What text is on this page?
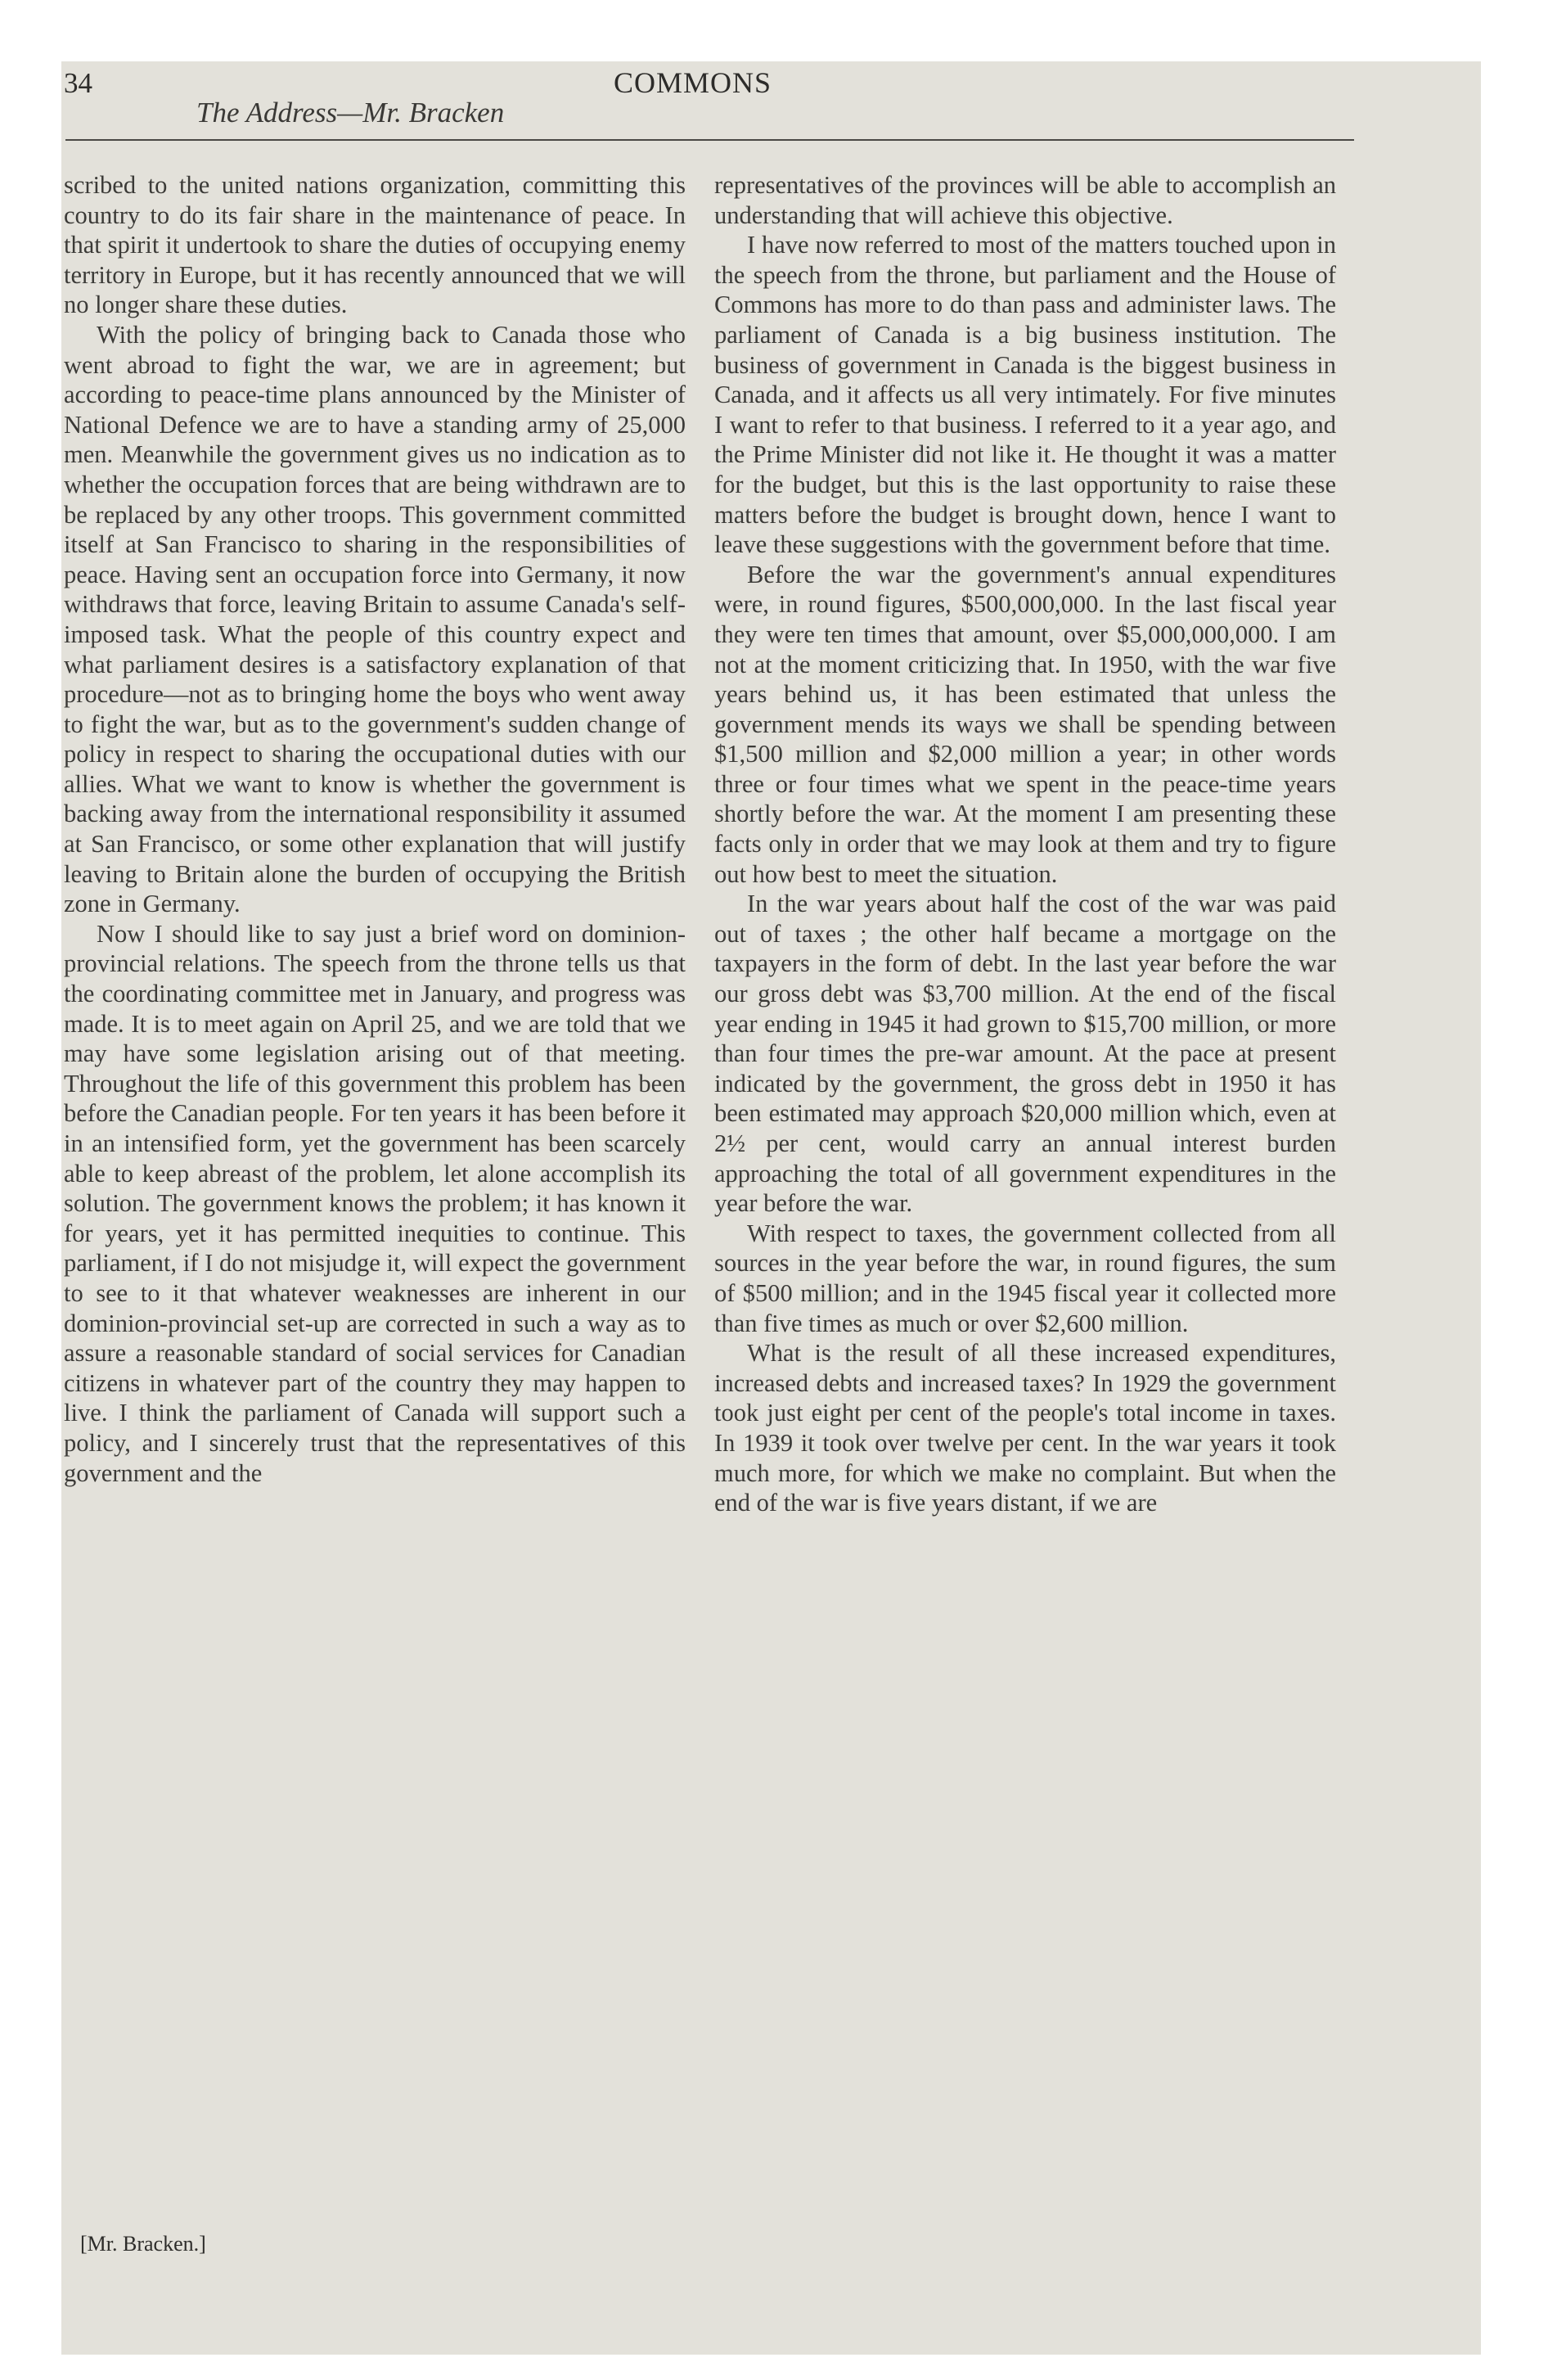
34
The Address—Mr. Bracken
COMMONS

scribed to the united nations organization, committing this country to do its fair share in the maintenance of peace. In that spirit it undertook to share the duties of occupying enemy territory in Europe, but it has recently announced that we will no longer share these duties.

With the policy of bringing back to Canada those who went abroad to fight the war, we are in agreement; but according to peace-time plans announced by the Minister of National Defence we are to have a standing army of 25,000 men. Meanwhile the government gives us no indication as to whether the occupation forces that are being withdrawn are to be replaced by any other troops. This government committed itself at San Francisco to sharing in the responsibilities of peace. Having sent an occupation force into Germany, it now withdraws that force, leaving Britain to assume Canada's self-imposed task. What the people of this country expect and what parliament desires is a satisfactory explanation of that procedure—not as to bringing home the boys who went away to fight the war, but as to the government's sudden change of policy in respect to sharing the occupational duties with our allies. What we want to know is whether the government is backing away from the international responsibility it assumed at San Francisco, or some other explanation that will justify leaving to Britain alone the burden of occupying the British zone in Germany.

Now I should like to say just a brief word on dominion-provincial relations. The speech from the throne tells us that the coordinating committee met in January, and progress was made. It is to meet again on April 25, and we are told that we may have some legislation arising out of that meeting. Throughout the life of this government this problem has been before the Canadian people. For ten years it has been before it in an intensified form, yet the government has been scarcely able to keep abreast of the problem, let alone accomplish its solution. The government knows the problem; it has known it for years, yet it has permitted inequities to continue. This parliament, if I do not misjudge it, will expect the government to see to it that whatever weaknesses are inherent in our dominion-provincial set-up are corrected in such a way as to assure a reasonable standard of social services for Canadian citizens in whatever part of the country they may happen to live. I think the parliament of Canada will support such a policy, and I sincerely trust that the representatives of this government and the

representatives of the provinces will be able to accomplish an understanding that will achieve this objective.

I have now referred to most of the matters touched upon in the speech from the throne, but parliament and the House of Commons has more to do than pass and administer laws. The parliament of Canada is a big business institution. The business of government in Canada is the biggest business in Canada, and it affects us all very intimately. For five minutes I want to refer to that business. I referred to it a year ago, and the Prime Minister did not like it. He thought it was a matter for the budget, but this is the last opportunity to raise these matters before the budget is brought down, hence I want to leave these suggestions with the government before that time.

Before the war the government's annual expenditures were, in round figures, $500,000,000. In the last fiscal year they were ten times that amount, over $5,000,000,000. I am not at the moment criticizing that. In 1950, with the war five years behind us, it has been estimated that unless the government mends its ways we shall be spending between $1,500 million and $2,000 million a year; in other words three or four times what we spent in the peace-time years shortly before the war. At the moment I am presenting these facts only in order that we may look at them and try to figure out how best to meet the situation.

In the war years about half the cost of the war was paid out of taxes ; the other half became a mortgage on the taxpayers in the form of debt. In the last year before the war our gross debt was $3,700 million. At the end of the fiscal year ending in 1945 it had grown to $15,700 million, or more than four times the pre-war amount. At the pace at present indicated by the government, the gross debt in 1950 it has been estimated may approach $20,000 million which, even at 2½ per cent, would carry an annual interest burden approaching the total of all government expenditures in the year before the war.

With respect to taxes, the government collected from all sources in the year before the war, in round figures, the sum of $500 million; and in the 1945 fiscal year it collected more than five times as much or over $2,600 million.

What is the result of all these increased expenditures, increased debts and increased taxes? In 1929 the government took just eight per cent of the people's total income in taxes. In 1939 it took over twelve per cent. In the war years it took much more, for which we make no complaint. But when the end of the war is five years distant, if we are

[Mr. Bracken.]
